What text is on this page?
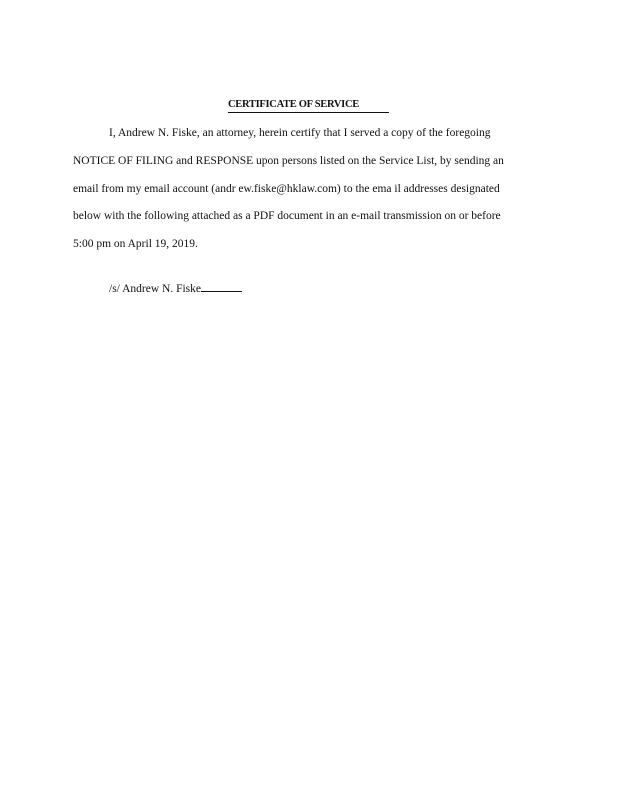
CERTIFICATE OF SERVICE
I, Andrew N. Fiske, an attorney, herein certify that I served a copy of the foregoing
NOTICE OF FILING and RESPONSE upon persons listed on the Service List, by sending an
email from my email account (andr ew.fiske@hklaw.com) to the ema il addresses designated
below with the following attached as a PDF document in an e-mail transmission on or before
5:00 pm on April 19, 2019.
/s/ Andrew N. Fiske
